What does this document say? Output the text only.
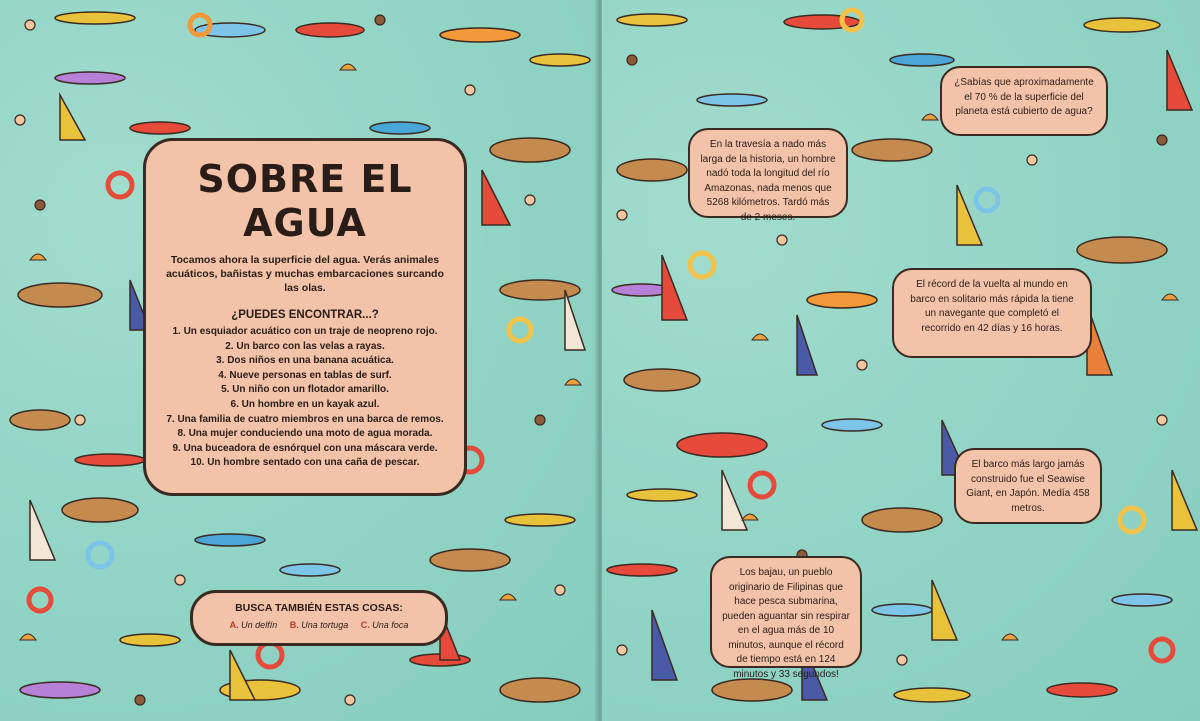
SOBRE EL AGUA
Tocamos ahora la superficie del agua. Verás animales acuáticos, bañistas y muchas embarcaciones surcando las olas.
¿PUEDES ENCONTRAR...?
1. Un esquiador acuático con un traje de neopreno rojo.
2. Un barco con las velas a rayas.
3. Dos niños en una banana acuática.
4. Nueve personas en tablas de surf.
5. Un niño con un flotador amarillo.
6. Un hombre en un kayak azul.
7. Una familia de cuatro miembros en una barca de remos.
8. Una mujer conduciendo una moto de agua morada.
9. Una buceadora de esnórquel con una máscara verde.
10. Un hombre sentado con una caña de pescar.
BUSCA TAMBIÉN ESTAS COSAS:
A. Un delfín B. Una tortuga C. Una foca
¿Sabías que aproximadamente el 70 % de la superficie del planeta está cubierto de agua?
En la travesía a nado más larga de la historia, un hombre nadó toda la longitud del río Amazonas, nada menos que 5268 kilómetros. Tardó más de 2 meses.
El récord de la vuelta al mundo en barco en solitario más rápida la tiene un navegante que completó el recorrido en 42 días y 16 horas.
El barco más largo jamás construido fue el Seawise Giant, en Japón. Medía 458 metros.
Los bajau, un pueblo originario de Filipinas que hace pesca submarina, pueden aguantar sin respirar en el agua más de 10 minutos, aunque el récord de tiempo está en 124 minutos y 33 segundos!
